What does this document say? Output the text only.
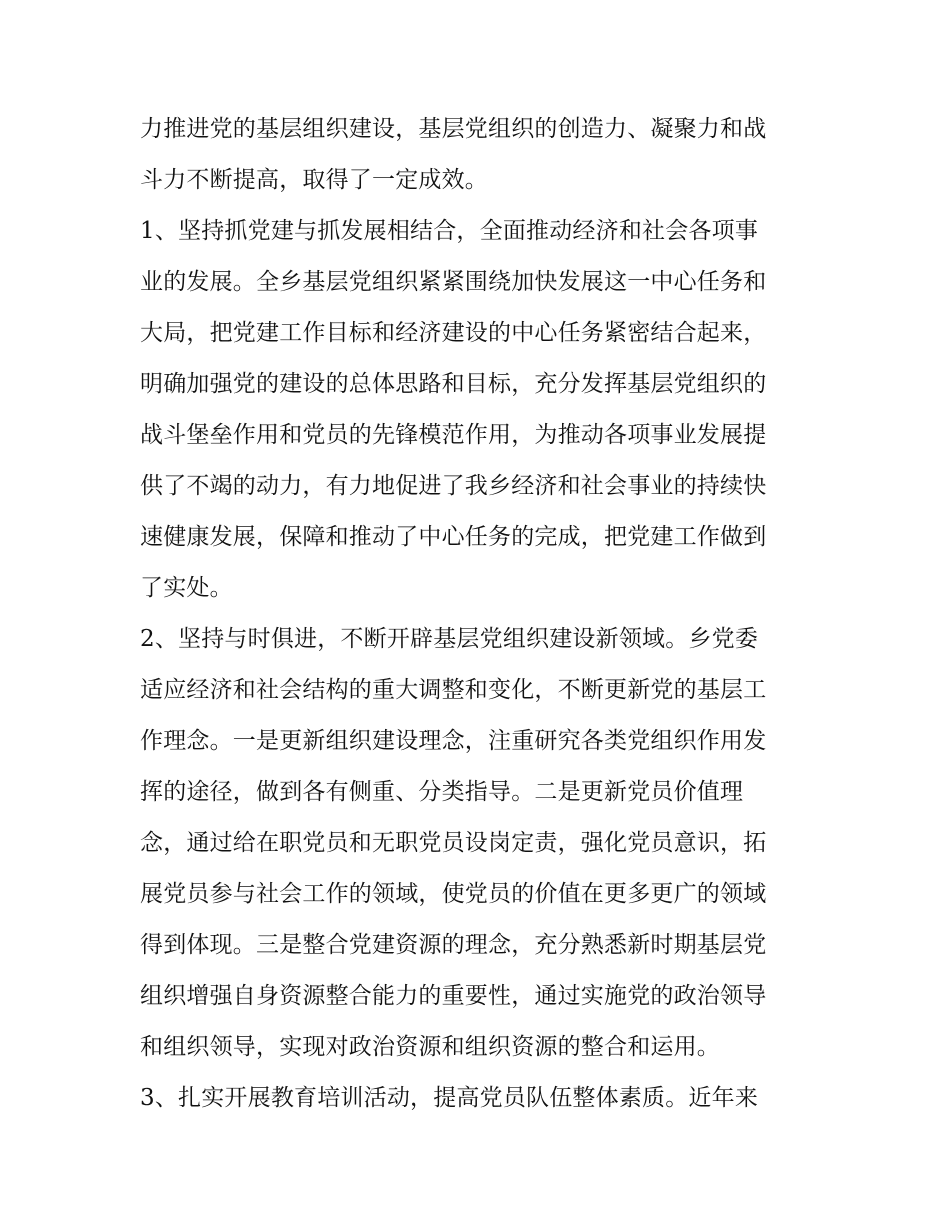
力推进党的基层组织建设，基层党组织的创造力、凝聚力和战
斗力不断提高，取得了一定成效。
1、坚持抓党建与抓发展相结合，全面推动经济和社会各项事
业的发展。全乡基层党组织紧紧围绕加快发展这一中心任务和
大局，把党建工作目标和经济建设的中心任务紧密结合起来，
明确加强党的建设的总体思路和目标，充分发挥基层党组织的
战斗堡垒作用和党员的先锋模范作用，为推动各项事业发展提
供了不竭的动力，有力地促进了我乡经济和社会事业的持续快
速健康发展，保障和推动了中心任务的完成，把党建工作做到
了实处。
2、坚持与时俱进，不断开辟基层党组织建设新领域。乡党委
适应经济和社会结构的重大调整和变化，不断更新党的基层工
作理念。一是更新组织建设理念，注重研究各类党组织作用发
挥的途径，做到各有侧重、分类指导。二是更新党员价值理
念，通过给在职党员和无职党员设岗定责，强化党员意识，拓
展党员参与社会工作的领域，使党员的价值在更多更广的领域
得到体现。三是整合党建资源的理念，充分熟悉新时期基层党
组织增强自身资源整合能力的重要性，通过实施党的政治领导
和组织领导，实现对政治资源和组织资源的整合和运用。
3、扎实开展教育培训活动，提高党员队伍整体素质。近年来
